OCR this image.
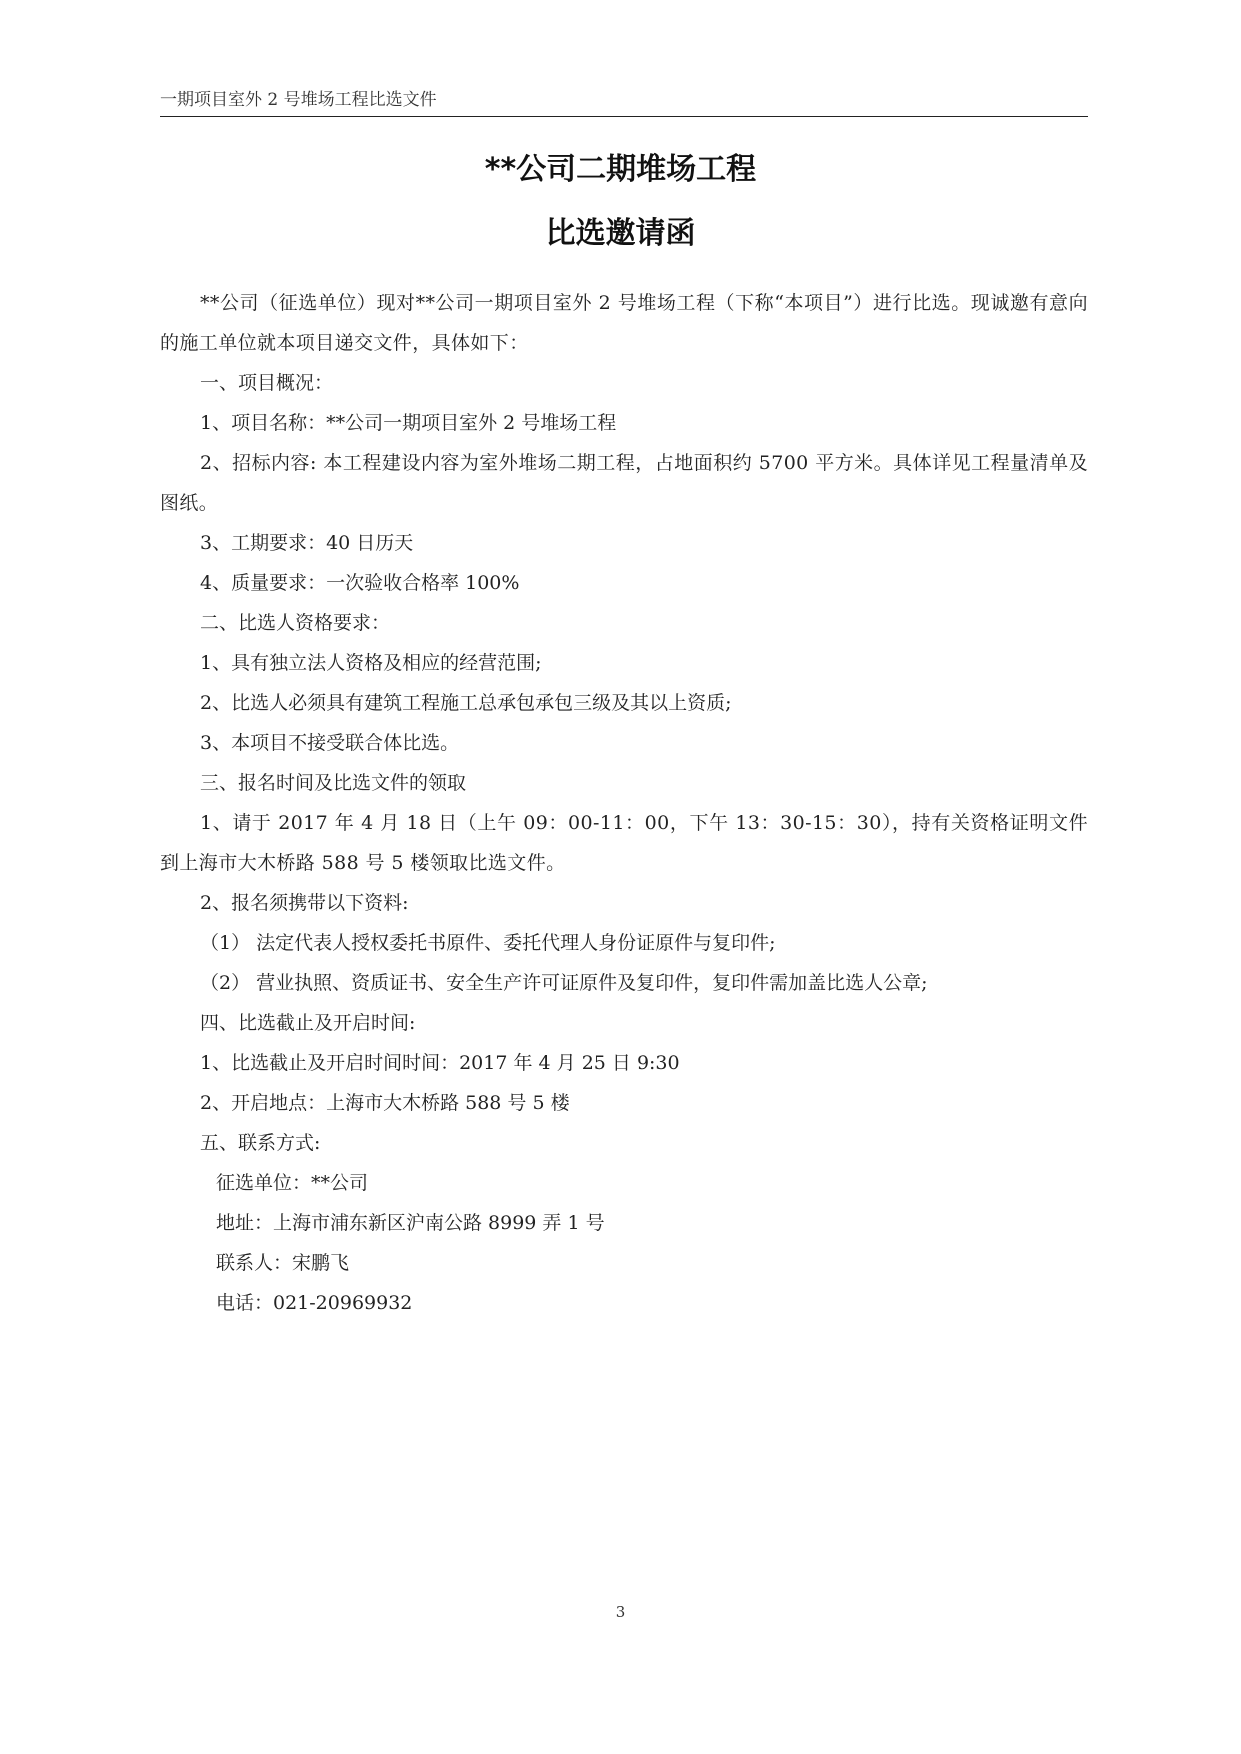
一期项目室外 2 号堆场工程比选文件
**公司二期堆场工程
比选邀请函
**公司（征选单位）现对**公司一期项目室外 2 号堆场工程（下称“本项目”）进行比选。现诚邀有意向的施工单位就本项目递交文件，具体如下：
一、项目概况：
1、项目名称：**公司一期项目室外 2 号堆场工程
2、招标内容: 本工程建设内容为室外堆场二期工程，占地面积约 5700 平方米。具体详见工程量清单及图纸。
3、工期要求：40 日历天
4、质量要求：一次验收合格率 100%
二、比选人资格要求：
1、具有独立法人资格及相应的经营范围;
2、比选人必须具有建筑工程施工总承包承包三级及其以上资质;
3、本项目不接受联合体比选。
三、报名时间及比选文件的领取
1、请于 2017 年 4 月 18 日（上午 09：00-11：00，下午 13：30-15：30），持有关资格证明文件到上海市大木桥路 588 号 5 楼领取比选文件。
2、报名须携带以下资料:
（1） 法定代表人授权委托书原件、委托代理人身份证原件与复印件;
（2） 营业执照、资质证书、安全生产许可证原件及复印件，复印件需加盖比选人公章;
四、比选截止及开启时间:
1、比选截止及开启时间时间：2017 年 4 月 25 日 9:30
2、开启地点：上海市大木桥路 588 号 5 楼
五、联系方式:
征选单位：**公司
地址：上海市浦东新区沪南公路 8999 弄 1 号
联系人：宋鹏飞
电话：021-20969932
3
